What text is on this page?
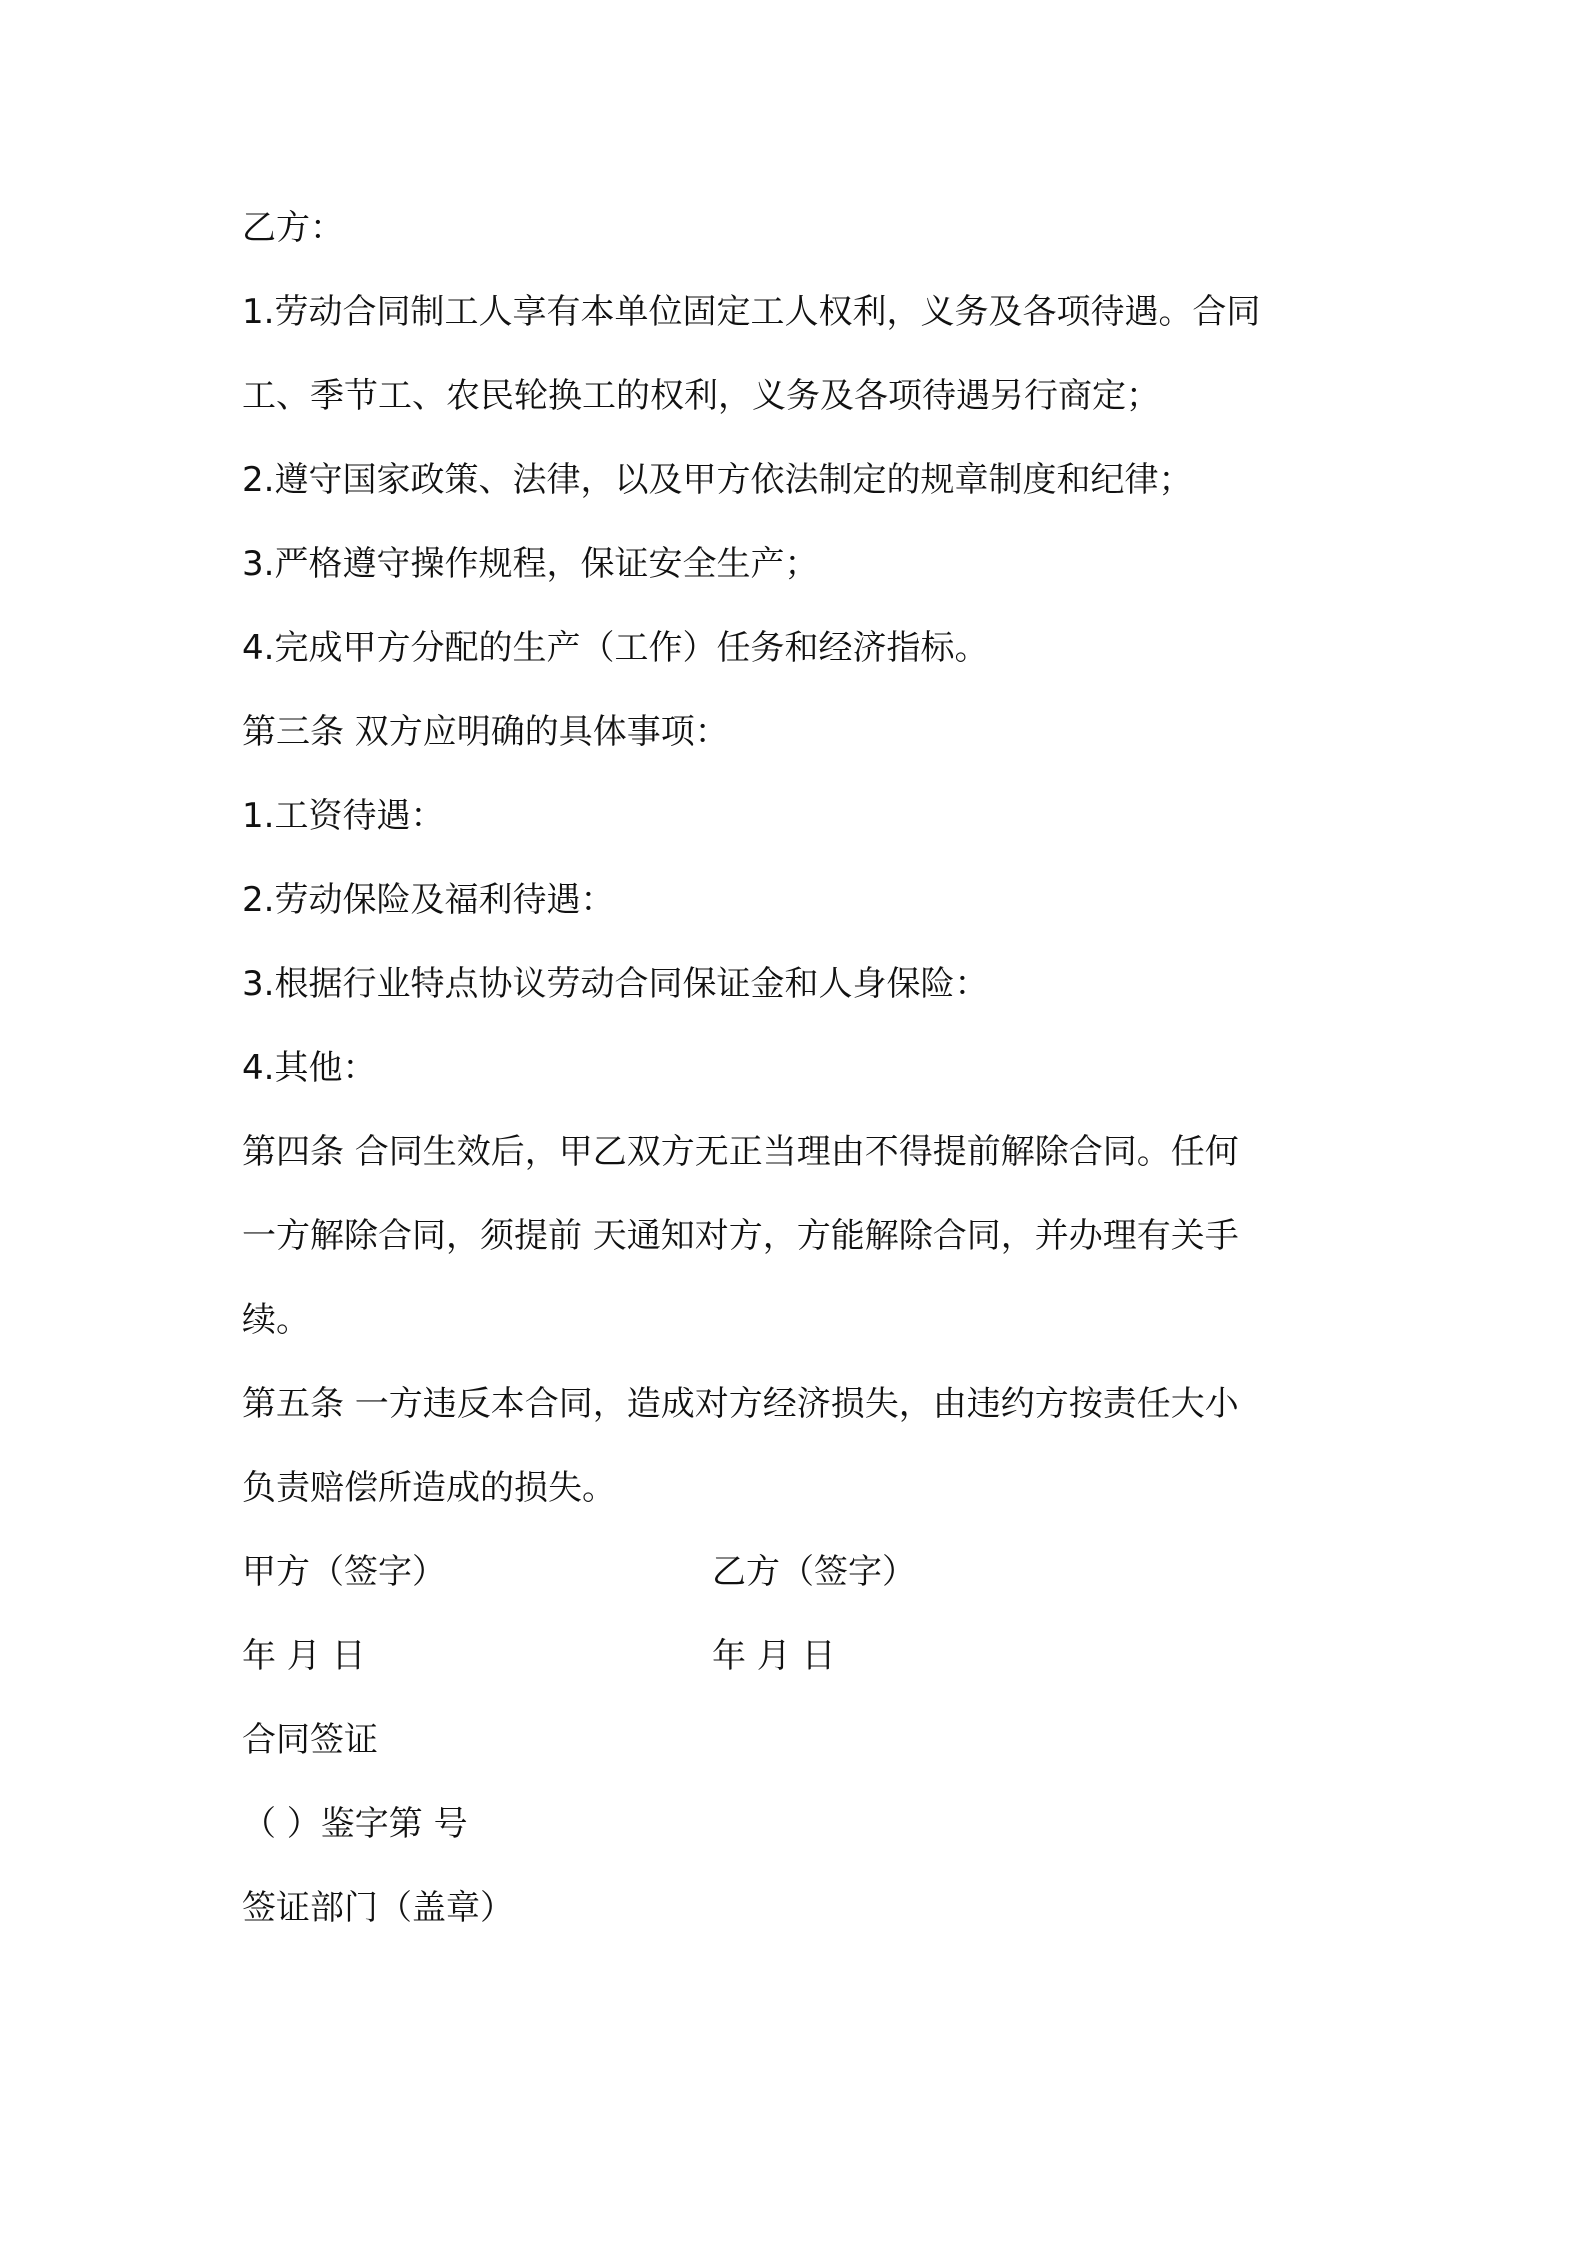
乙方：
1.劳动合同制工人享有本单位固定工人权利，义务及各项待遇。合同
工、季节工、农民轮换工的权利，义务及各项待遇另行商定；
2.遵守国家政策、法律，以及甲方依法制定的规章制度和纪律；
3.严格遵守操作规程，保证安全生产；
4.完成甲方分配的生产（工作）任务和经济指标。
第三条 双方应明确的具体事项：
1.工资待遇：
2.劳动保险及福利待遇：
3.根据行业特点协议劳动合同保证金和人身保险：
4.其他：
第四条 合同生效后，甲乙双方无正当理由不得提前解除合同。任何
一方解除合同，须提前 天通知对方，方能解除合同，并办理有关手
续。
第五条 一方违反本合同，造成对方经济损失，由违约方按责任大小
负责赔偿所造成的损失。
甲方（签字）	乙方（签字）
年 月 日	年 月 日
合同签证
（ ）鉴字第 号
签证部门（盖章）
